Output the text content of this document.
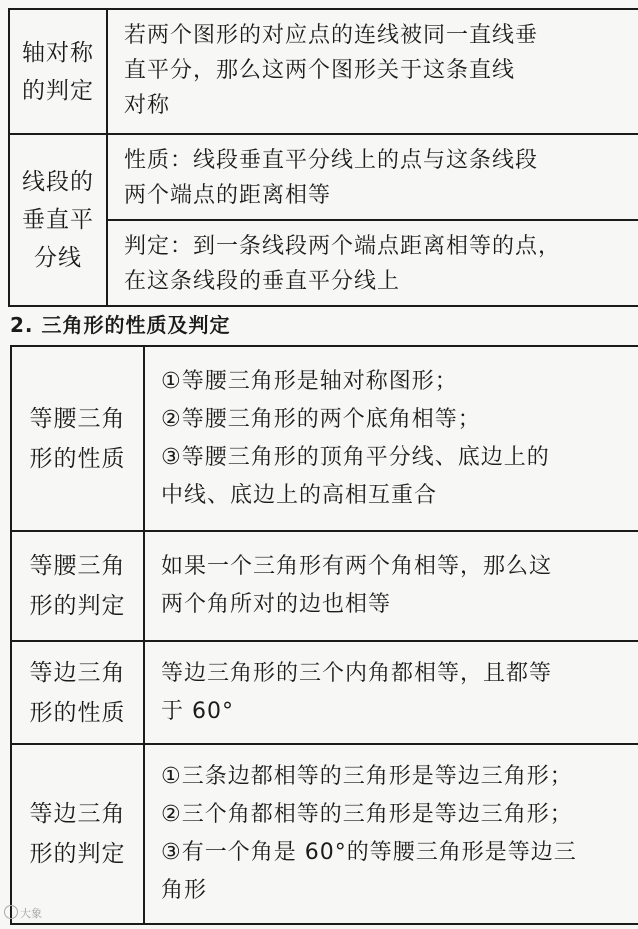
轴对称
的判定	若两个图形的对应点的连线被同一直线垂
直平分，那么这两个图形关于这条直线
对称

线段的
垂直平
分线	性质：线段垂直平分线上的点与这条线段
两个端点的距离相等

	判定：到一条线段两个端点距离相等的点，
在这条线段的垂直平分线上
2. 三角形的性质及判定
等腰三角
形的性质	①等腰三角形是轴对称图形；
②等腰三角形的两个底角相等；
③等腰三角形的顶角平分线、底边上的
中线、底边上的高相互重合

等腰三角
形的判定	如果一个三角形有两个角相等，那么这
两个角所对的边也相等

等边三角
形的性质	等边三角形的三个内角都相等，且都等
于 60°

等边三角
形的判定	①三条边都相等的三角形是等边三角形；
②三个角都相等的三角形是等边三角形；
③有一个角是 60°的等腰三角形是等边三
角形
大象
